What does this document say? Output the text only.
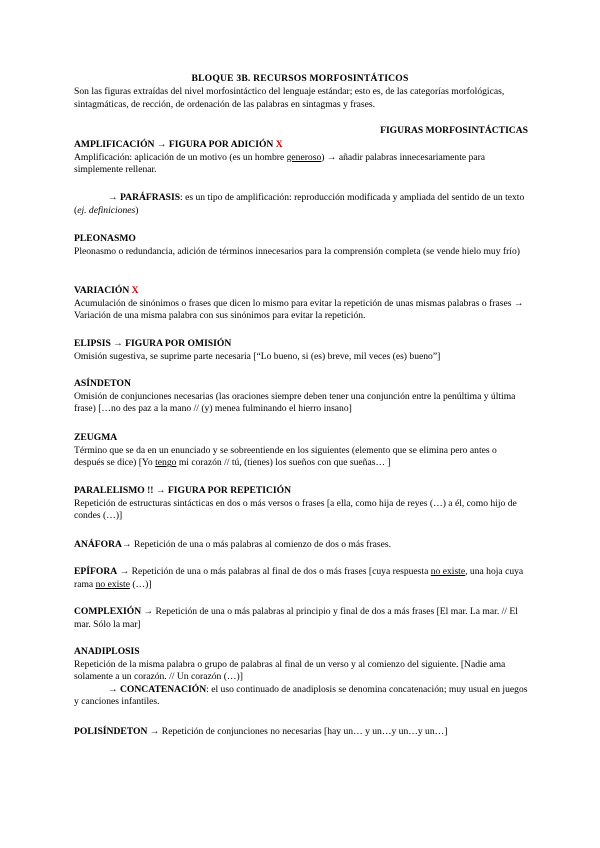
BLOQUE 3B. RECURSOS MORFOSINTÁTICOS
Son las figuras extraídas del nivel morfosintáctico del lenguaje estándar; esto es, de las categorías morfológicas, sintagmáticas, de rección, de ordenación de las palabras en sintagmas y frases.
FIGURAS MORFOSINTÁCTICAS
AMPLIFICACIÓN → FIGURA POR ADICIÓN X
Amplificación: aplicación de un motivo (es un hombre generoso) → añadir palabras innecesariamente para simplemente rellenar.
→ PARÁFRASIS: es un tipo de amplificación: reproducción modificada y ampliada del sentido de un texto (ej. definiciones)
PLEONASMO
Pleonasmo o redundancia, adición de términos innecesarios para la comprensión completa (se vende hielo muy frío)
VARIACIÓN X
Acumulación de sinónimos o frases que dicen lo mismo para evitar la repetición de unas mismas palabras o frases → Variación de una misma palabra con sus sinónimos para evitar la repetición.
ELIPSIS → FIGURA POR OMISIÓN
Omisión sugestiva, se suprime parte necesaria [“Lo bueno, si (es) breve, mil veces (es) bueno”]
ASÍNDETON
Omisión de conjunciones necesarias (las oraciones siempre deben tener una conjunción entre la penúltima y última frase) […no des paz a la mano // (y) menea fulminando el hierro insano]
ZEUGMA
Término que se da en un enunciado y se sobreentiende en los siguientes (elemento que se elimina pero antes o después se dice) [Yo tengo mi corazón // tú, (tienes) los sueños con que sueñas… ]
PARALELISMO !! → FIGURA POR REPETICIÓN
Repetición de estructuras sintácticas en dos o más versos o frases [a ella, como hija de reyes (…) a él, como hijo de condes (…)]
ANÁFORA→ Repetición de una o más palabras al comienzo de dos o más frases.
EPÍFORA → Repetición de una o más palabras al final de dos o más frases [cuya respuesta no existe, una hoja cuya rama no existe (…)]
COMPLEXIÓN → Repetición de una o más palabras al principio y final de dos a más frases [El mar. La mar. // El mar. Sólo la mar]
ANADIPLOSIS
Repetición de la misma palabra o grupo de palabras al final de un verso y al comienzo del siguiente. [Nadie ama solamente a un corazón. // Un corazón (…)]
→ CONCATENACIÓN: el uso continuado de anadiplosis se denomina concatenación; muy usual en juegos y canciones infantiles.
POLISÍNDETON → Repetición de conjunciones no necesarias [hay un… y un…y un…y un…]
